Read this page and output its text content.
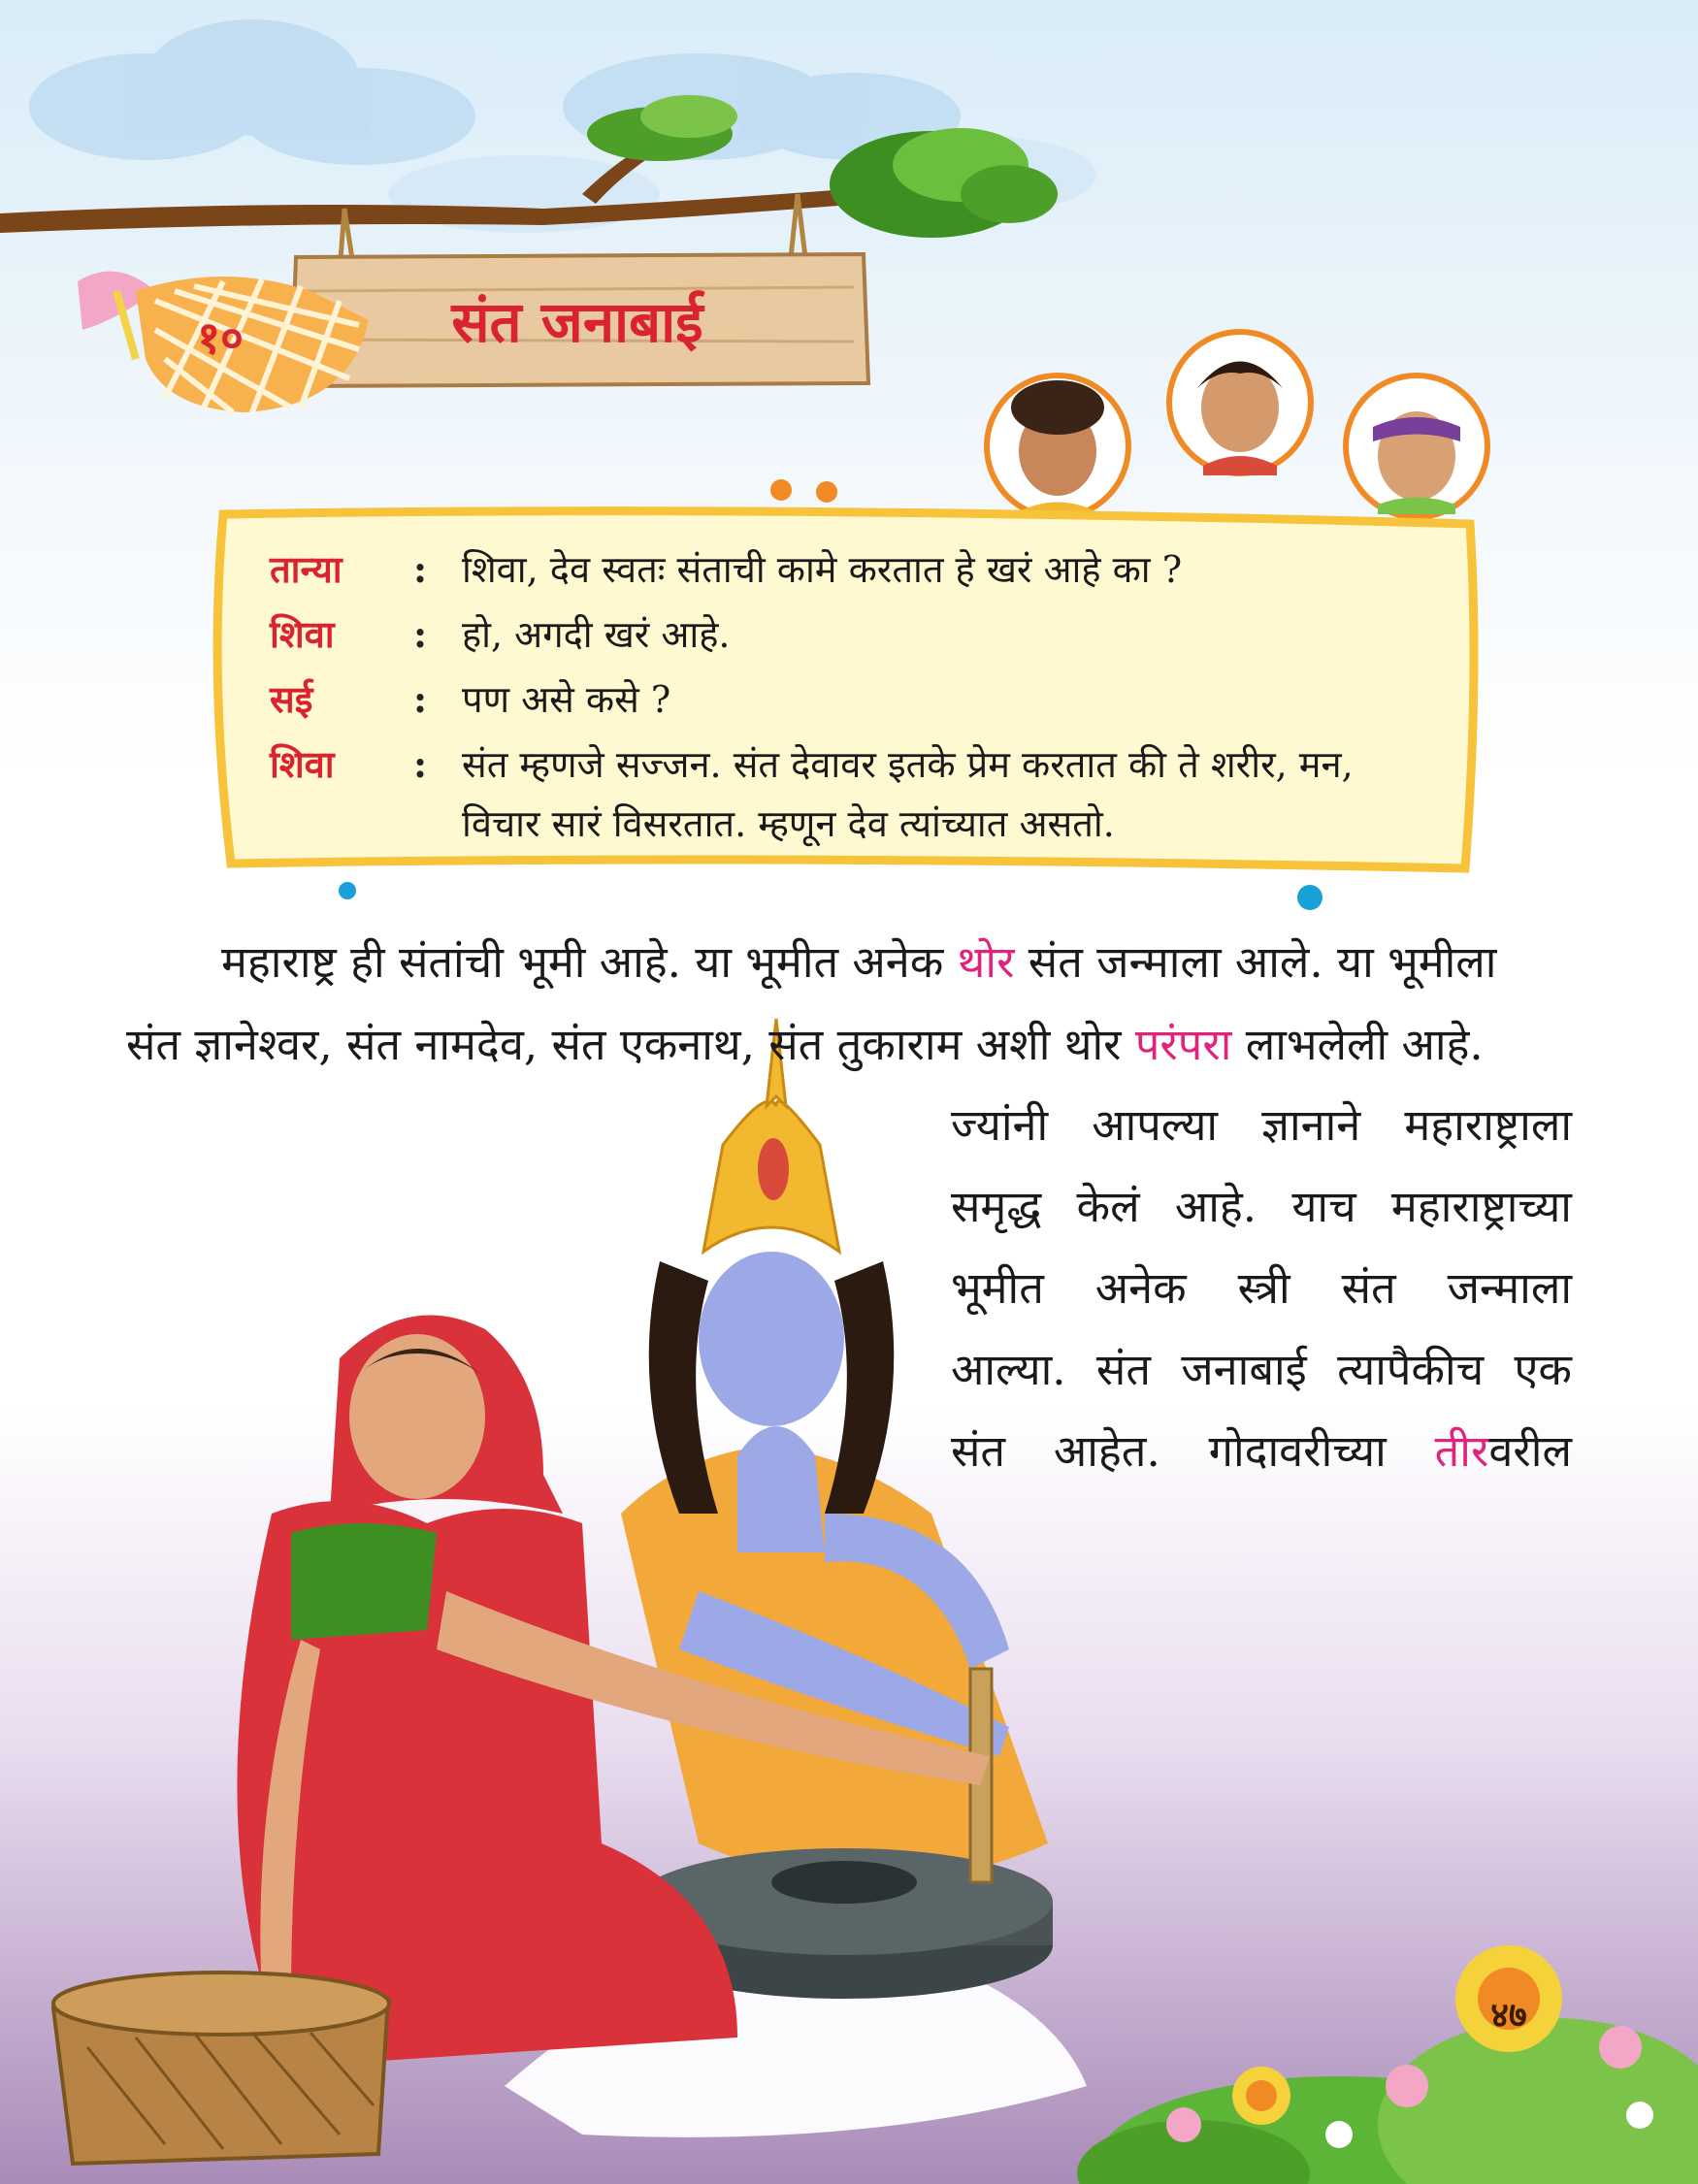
१०	संत जनाबाई
तान्या	: शिवा, देव स्वतः संताची कामे करतात हे खरं आहे का ?
शिवा	: हो, अगदी खरं आहे.
सई	: पण असे कसे ?
शिवा	: संत म्हणजे सज्जन. संत देवावर इतके प्रेम करतात की ते शरीर, मन,
विचार सारं विसरतात. म्हणून देव त्यांच्यात असतो.
महाराष्ट्र ही संतांची भूमी आहे. या भूमीत अनेक थोर संत जन्माला आले. या भूमीला
संत ज्ञानेश्वर, संत नामदेव, संत एकनाथ, संत तुकाराम अशी थोर परंपरा लाभलेली आहे.
ज्यांनी आपल्या ज्ञानाने महाराष्ट्राला
समृद्ध केलं आहे. याच महाराष्ट्राच्या
भूमीत अनेक स्त्री संत जन्माला
आल्या. संत जनाबाई त्यापैकीच एक
संत आहेत. गोदावरीच्या तीरवरील
४७
